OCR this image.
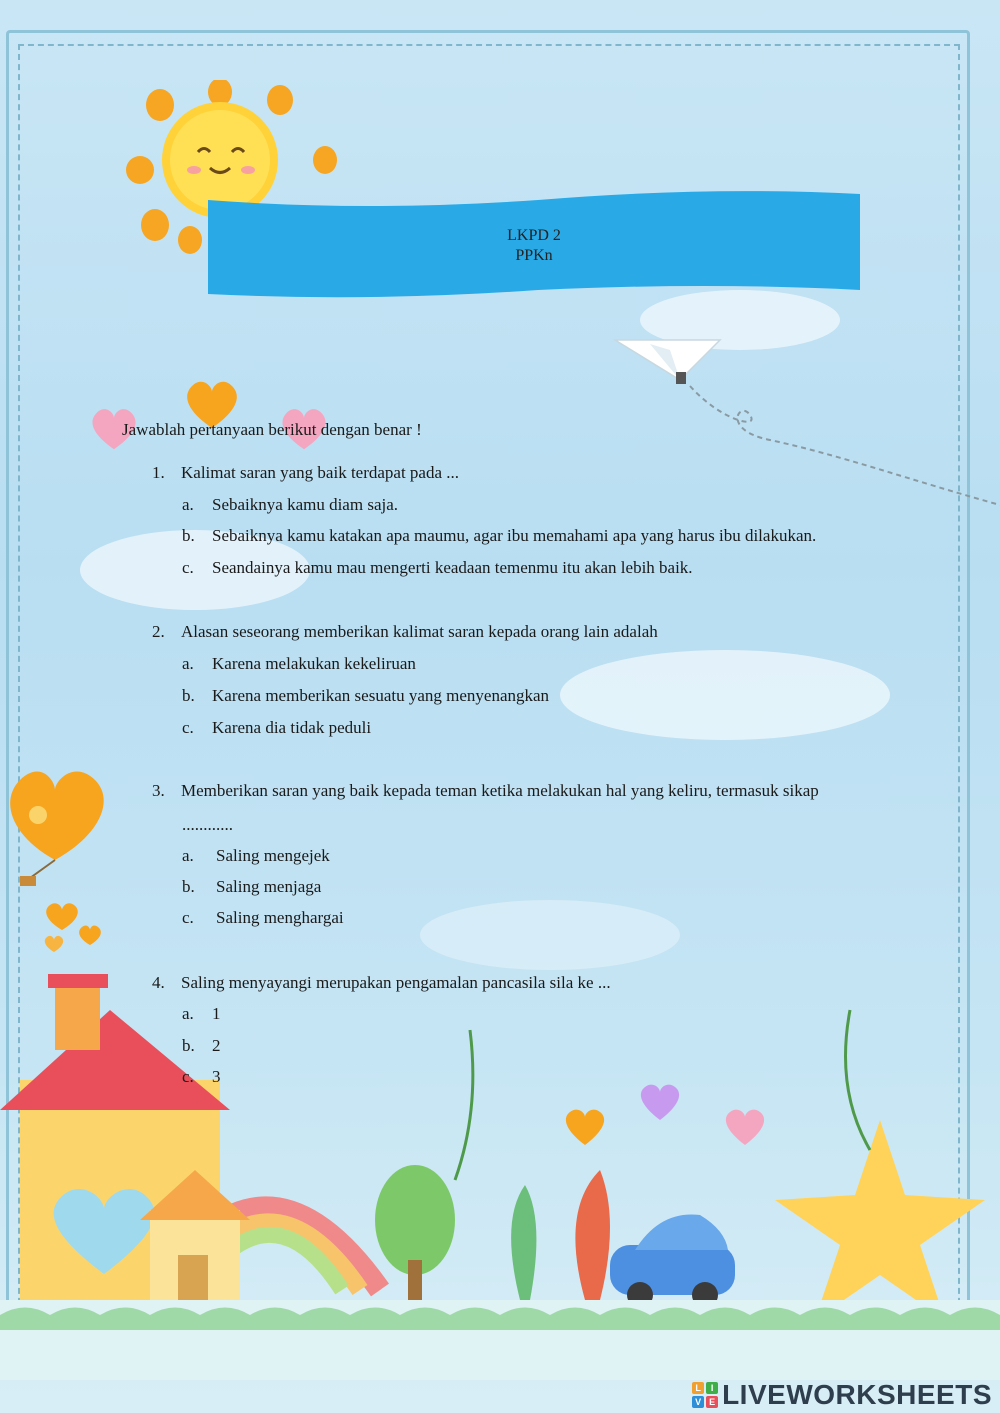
LKPD 2
PPKn
Jawablah pertanyaan berikut dengan benar !
1. Kalimat saran yang baik terdapat pada ...
a. Sebaiknya kamu diam saja.
b. Sebaiknya kamu katakan apa maumu, agar ibu memahami apa yang harus ibu dilakukan.
c. Seandainya kamu mau mengerti keadaan temenmu itu akan lebih baik.
2. Alasan seseorang memberikan kalimat saran kepada orang lain adalah
a. Karena melakukan kekeliruan
b. Karena memberikan sesuatu yang menyenangkan
c. Karena dia tidak peduli
3. Memberikan saran yang baik kepada teman ketika melakukan hal yang keliru, termasuk sikap
............
a. Saling mengejek
b. Saling menjaga
c. Saling menghargai
4. Saling menyayangi merupakan pengamalan pancasila sila ke ...
a. 1
b. 2
c. 3
L	I
V E LIVEWORKSHEETS
